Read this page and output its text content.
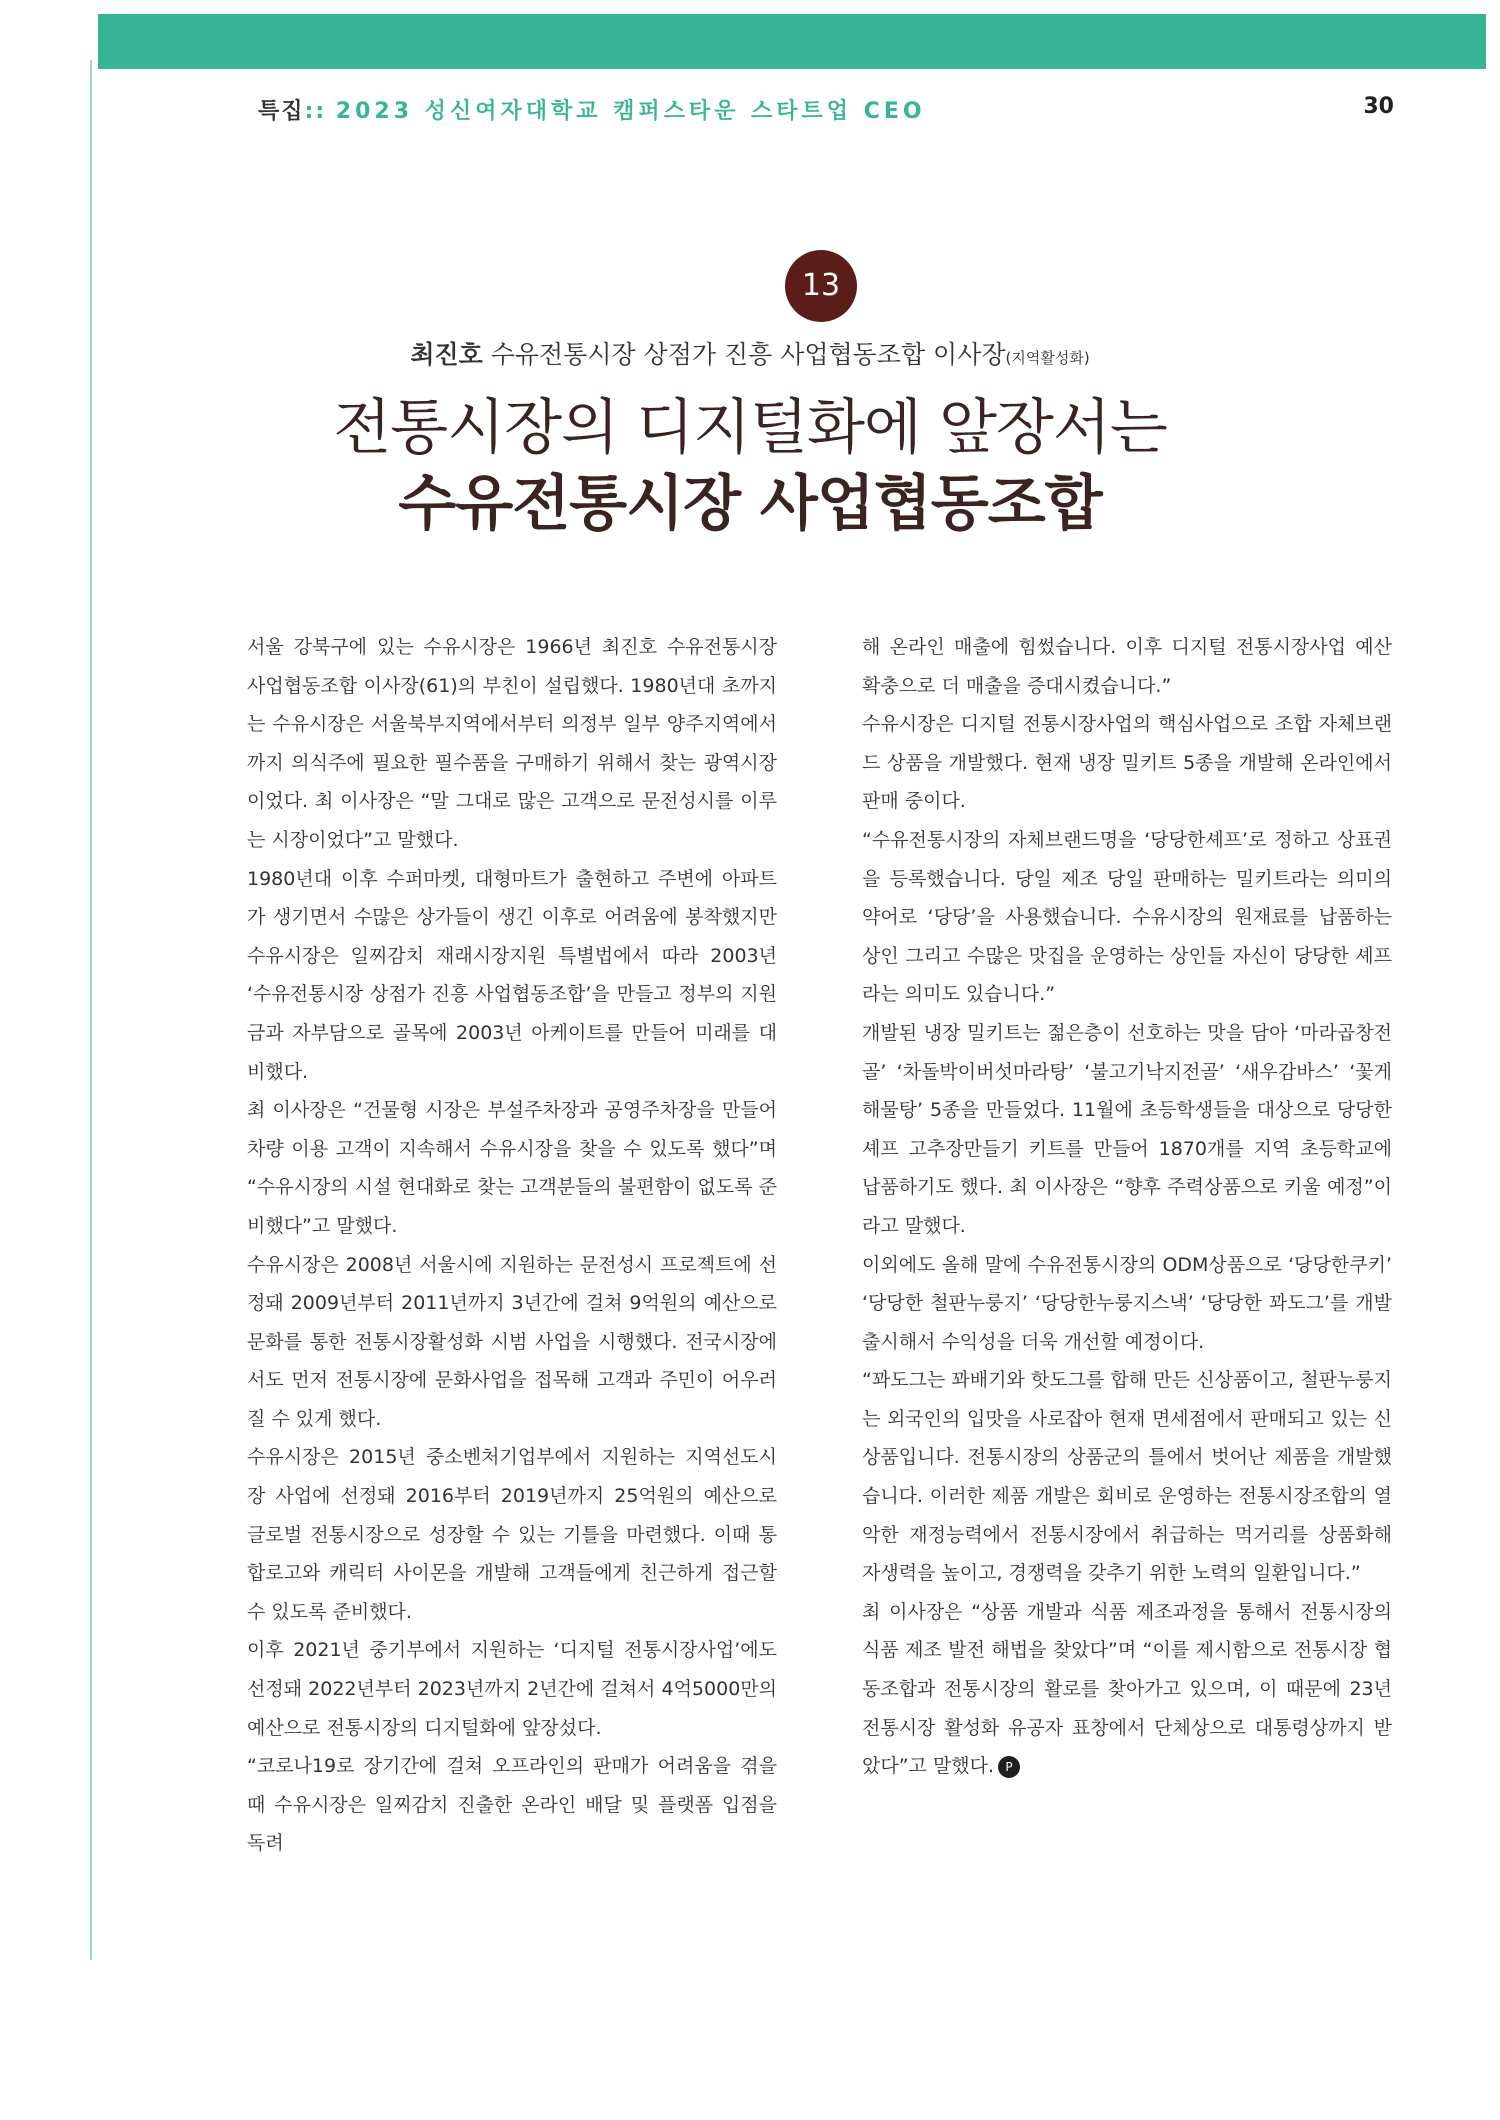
특집:: 2023 성신여자대학교 캠퍼스타운 스타트업 CEO	30
13
최진호 수유전통시장 상점가 진흥 사업협동조합 이사장(지역활성화)
전통시장의 디지털화에 앞장서는
수유전통시장 사업협동조합

서울 강북구에 있는 수유시장은 1966년 최진호 수유전통시장 사업협동조합 이사장(61)의 부친이 설립했다. 1980년대 초까지는 수유시장은 서울북부지역에서부터 의정부 일부 양주지역에서까지 의식주에 필요한 필수품을 구매하기 위해서 찾는 광역시장이었다. 최 이사장은 “말 그대로 많은 고객으로 문전성시를 이루는 시장이었다”고 말했다.

1980년대 이후 수퍼마켓, 대형마트가 출현하고 주변에 아파트가 생기면서 수많은 상가들이 생긴 이후로 어려움에 봉착했지만 수유시장은 일찌감치 재래시장지원 특별법에서 따라 2003년 ‘수유전통시장 상점가 진흥 사업협동조합’을 만들고 정부의 지원금과 자부담으로 골목에 2003년 아케이트를 만들어 미래를 대비했다.

최 이사장은 “건물형 시장은 부설주차장과 공영주차장을 만들어 차량 이용 고객이 지속해서 수유시장을 찾을 수 있도록 했다”며 “수유시장의 시설 현대화로 찾는 고객분들의 불편함이 없도록 준비했다”고 말했다.

수유시장은 2008년 서울시에 지원하는 문전성시 프로젝트에 선정돼 2009년부터 2011년까지 3년간에 걸쳐 9억원의 예산으로 문화를 통한 전통시장활성화 시범 사업을 시행했다. 전국시장에서도 먼저 전통시장에 문화사업을 접목해 고객과 주민이 어우러질 수 있게 했다.

수유시장은 2015년 중소벤처기업부에서 지원하는 지역선도시장 사업에 선정돼 2016부터 2019년까지 25억원의 예산으로 글로벌 전통시장으로 성장할 수 있는 기틀을 마련했다. 이때 통합로고와 캐릭터 사이몬을 개발해 고객들에게 친근하게 접근할 수 있도록 준비했다.

이후 2021년 중기부에서 지원하는 ‘디지털 전통시장사업’에도 선정돼 2022년부터 2023년까지 2년간에 걸쳐서 4억5000만의 예산으로 전통시장의 디지털화에 앞장섰다.

“코로나19로 장기간에 걸쳐 오프라인의 판매가 어려움을 겪을 때 수유시장은 일찌감치 진출한 온라인 배달 및 플랫폼 입점을 독려

해 온라인 매출에 힘썼습니다. 이후 디지털 전통시장사업 예산 확충으로 더 매출을 증대시켰습니다.”

수유시장은 디지털 전통시장사업의 핵심사업으로 조합 자체브랜드 상품을 개발했다. 현재 냉장 밀키트 5종을 개발해 온라인에서 판매 중이다.

“수유전통시장의 자체브랜드명을 ‘당당한셰프’로 정하고 상표권을 등록했습니다. 당일 제조 당일 판매하는 밀키트라는 의미의 약어로 ‘당당’을 사용했습니다. 수유시장의 원재료를 납품하는 상인 그리고 수많은 맛집을 운영하는 상인들 자신이 당당한 셰프라는 의미도 있습니다.”

개발된 냉장 밀키트는 젊은층이 선호하는 맛을 담아 ‘마라곱창전골’ ‘차돌박이버섯마라탕’ ‘불고기낙지전골’ ‘새우감바스’ ‘꽃게해물탕’ 5종을 만들었다. 11월에 초등학생들을 대상으로 당당한 셰프 고추장만들기 키트를 만들어 1870개를 지역 초등학교에 납품하기도 했다. 최 이사장은 “향후 주력상품으로 키울 예정”이라고 말했다.

이외에도 올해 말에 수유전통시장의 ODM상품으로 ‘당당한쿠키’ ‘당당한 철판누룽지’ ‘당당한누룽지스낵’ ‘당당한 꽈도그’를 개발 출시해서 수익성을 더욱 개선할 예정이다.

“꽈도그는 꽈배기와 핫도그를 합해 만든 신상품이고, 철판누룽지는 외국인의 입맛을 사로잡아 현재 면세점에서 판매되고 있는 신상품입니다. 전통시장의 상품군의 틀에서 벗어난 제품을 개발했습니다. 이러한 제품 개발은 회비로 운영하는 전통시장조합의 열악한 재정능력에서 전통시장에서 취급하는 먹거리를 상품화해 자생력을 높이고, 경쟁력을 갖추기 위한 노력의 일환입니다.”

최 이사장은 “상품 개발과 식품 제조과정을 통해서 전통시장의 식품 제조 발전 해법을 찾았다”며 “이를 제시함으로 전통시장 협동조합과 전통시장의 활로를 찾아가고 있으며, 이 때문에 23년 전통시장 활성화 유공자 표창에서 단체상으로 대통령상까지 받았다”고 말했다. P
